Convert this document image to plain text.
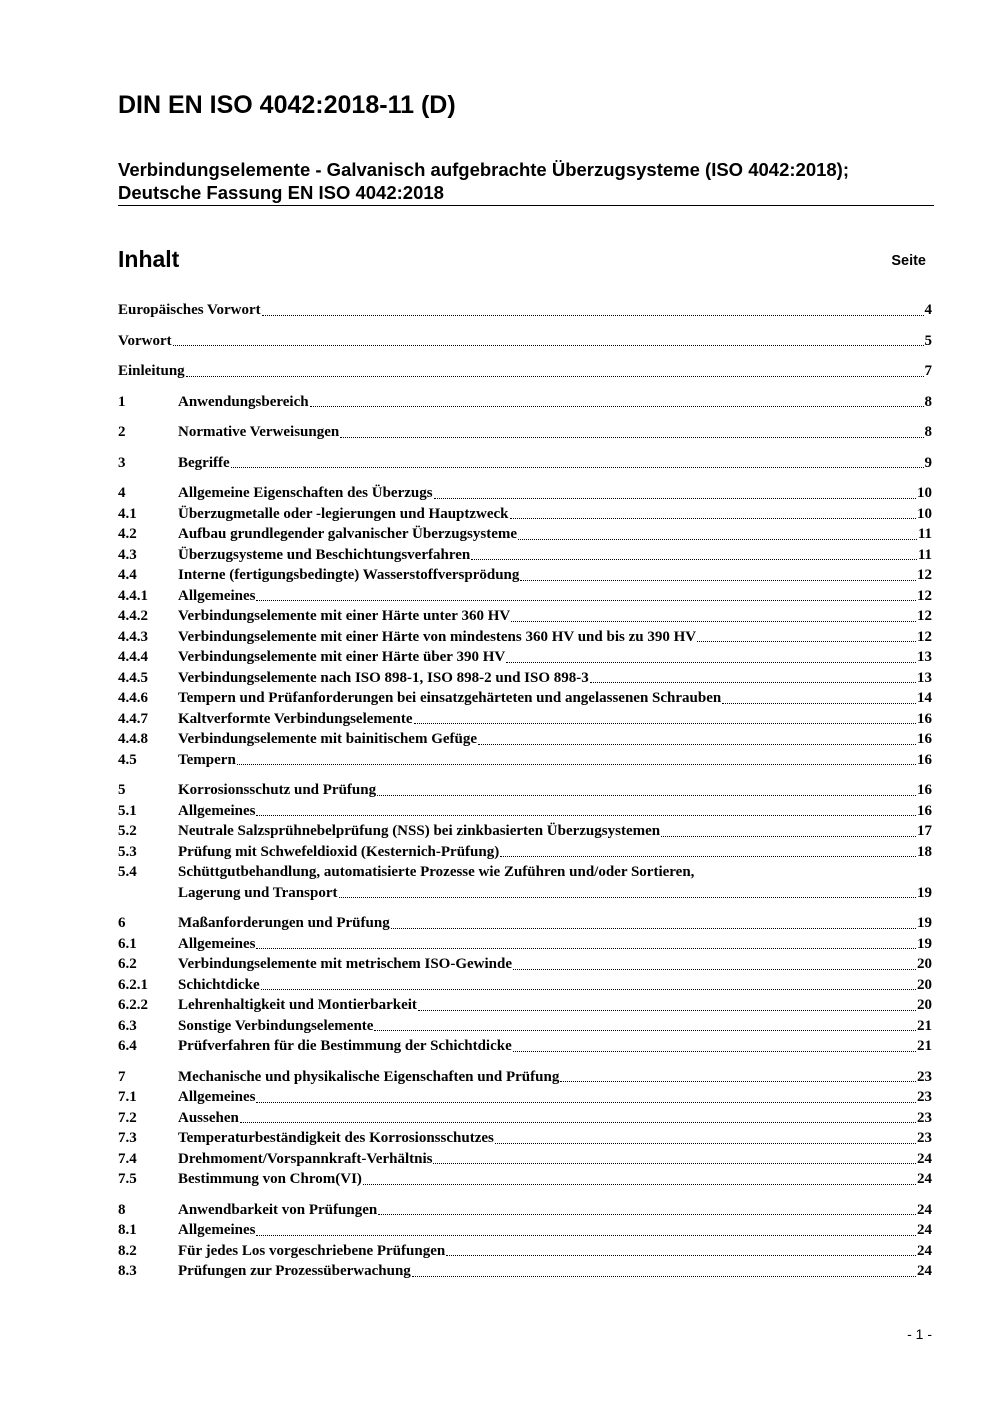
DIN EN ISO 4042:2018-11 (D)
Verbindungselemente - Galvanisch aufgebrachte Überzugsysteme (ISO 4042:2018);
Deutsche Fassung EN ISO 4042:2018
Inhalt	Seite
Europäisches Vorwort	4
Vorwort	5
Einleitung	7
1	Anwendungsbereich	8
2	Normative Verweisungen	8
3	Begriffe	9
4	Allgemeine Eigenschaften des Überzugs	10
4.1	Überzugmetalle oder -legierungen und Hauptzweck	10
4.2	Aufbau grundlegender galvanischer Überzugsysteme	11
4.3	Überzugsysteme und Beschichtungsverfahren	11
4.4	Interne (fertigungsbedingte) Wasserstoffversprödung	12
4.4.1	Allgemeines	12
4.4.2	Verbindungselemente mit einer Härte unter 360 HV	12
4.4.3	Verbindungselemente mit einer Härte von mindestens 360 HV und bis zu 390 HV	12
4.4.4	Verbindungselemente mit einer Härte über 390 HV	13
4.4.5	Verbindungselemente nach ISO 898-1, ISO 898-2 und ISO 898-3	13
4.4.6	Tempern und Prüfanforderungen bei einsatzgehärteten und angelassenen Schrauben	14
4.4.7	Kaltverformte Verbindungselemente	16
4.4.8	Verbindungselemente mit bainitischem Gefüge	16
4.5	Tempern	16
5	Korrosionsschutz und Prüfung	16
5.1	Allgemeines	16
5.2	Neutrale Salzsprühnebelprüfung (NSS) bei zinkbasierten Überzugsystemen	17
5.3	Prüfung mit Schwefeldioxid (Kesternich-Prüfung)	18
5.4	Schüttgutbehandlung, automatisierte Prozesse wie Zuführen und/oder Sortieren,
Lagerung und Transport	19
6	Maßanforderungen und Prüfung	19
6.1	Allgemeines	19
6.2	Verbindungselemente mit metrischem ISO-Gewinde	20
6.2.1	Schichtdicke	20
6.2.2	Lehrenhaltigkeit und Montierbarkeit	20
6.3	Sonstige Verbindungselemente	21
6.4	Prüfverfahren für die Bestimmung der Schichtdicke	21
7	Mechanische und physikalische Eigenschaften und Prüfung	23
7.1	Allgemeines	23
7.2	Aussehen	23
7.3	Temperaturbeständigkeit des Korrosionsschutzes	23
7.4	Drehmoment/Vorspannkraft-Verhältnis	24
7.5	Bestimmung von Chrom(VI)	24
8	Anwendbarkeit von Prüfungen	24
8.1	Allgemeines	24
8.2	Für jedes Los vorgeschriebene Prüfungen	24
8.3	Prüfungen zur Prozessüberwachung	24
- 1 -
